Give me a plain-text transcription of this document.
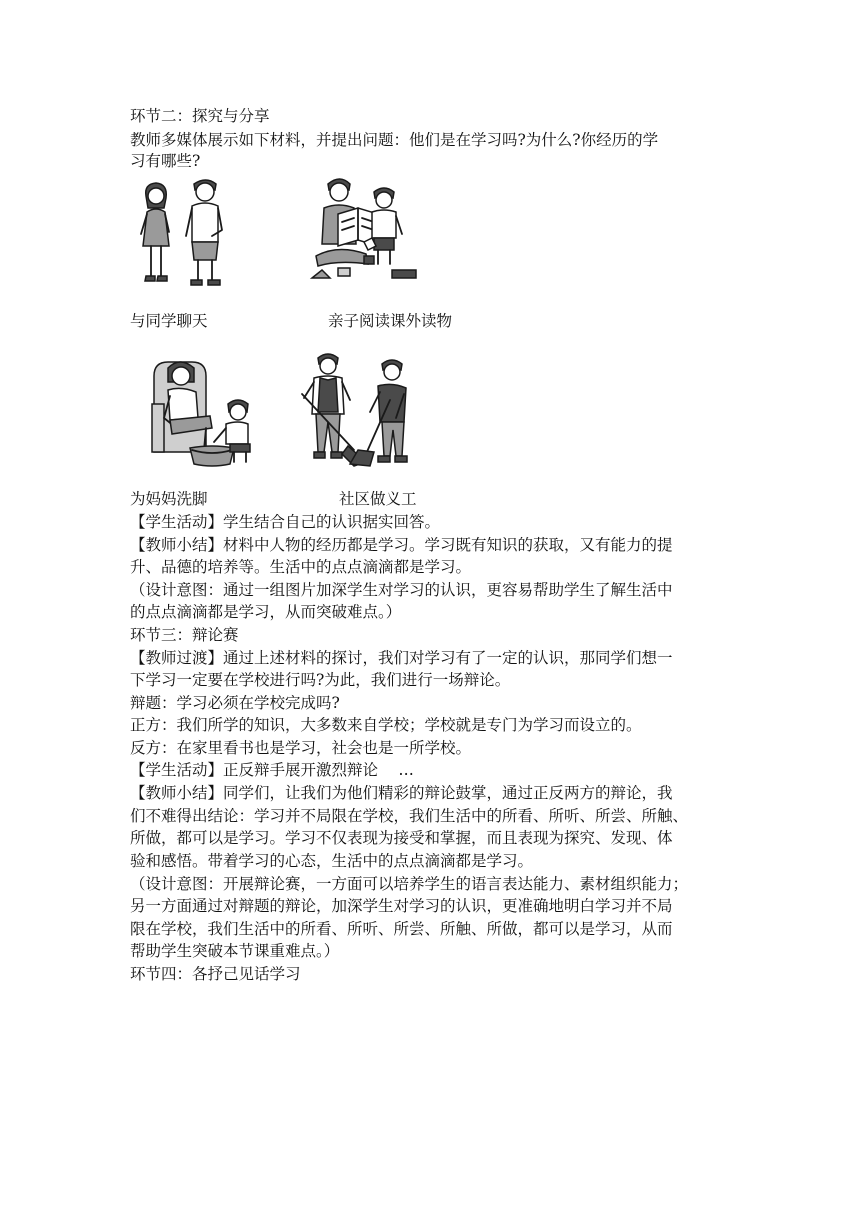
环节二：探究与分享
教师多媒体展示如下材料，并提出问题：他们是在学习吗?为什么?你经历的学
习有哪些?
与同学聊天	亲子阅读课外读物
为妈妈洗脚	社区做义工
【学生活动】学生结合自己的认识据实回答。
【教师小结】材料中人物的经历都是学习。学习既有知识的获取，又有能力的提
升、品德的培养等。生活中的点点滴滴都是学习。
（设计意图：通过一组图片加深学生对学习的认识，更容易帮助学生了解生活中
的点点滴滴都是学习，从而突破难点。）
环节三：辩论赛
【教师过渡】通过上述材料的探讨，我们对学习有了一定的认识，那同学们想一
下学习一定要在学校进行吗?为此，我们进行一场辩论。
辩题：学习必须在学校完成吗?
正方：我们所学的知识，大多数来自学校；学校就是专门为学习而设立的。
反方：在家里看书也是学习，社会也是一所学校。
【学生活动】正反辩手展开激烈辩论　 …
【教师小结】同学们，让我们为他们精彩的辩论鼓掌，通过正反两方的辩论，我
们不难得出结论：学习并不局限在学校，我们生活中的所看、所听、所尝、所触、
所做，都可以是学习。学习不仅表现为接受和掌握，而且表现为探究、发现、体
验和感悟。带着学习的心态，生活中的点点滴滴都是学习。
（设计意图：开展辩论赛，一方面可以培养学生的语言表达能力、素材组织能力；
另一方面通过对辩题的辩论，加深学生对学习的认识，更准确地明白学习并不局
限在学校，我们生活中的所看、所听、所尝、所触、所做，都可以是学习，从而
帮助学生突破本节课重难点。）
环节四：各抒己见话学习
